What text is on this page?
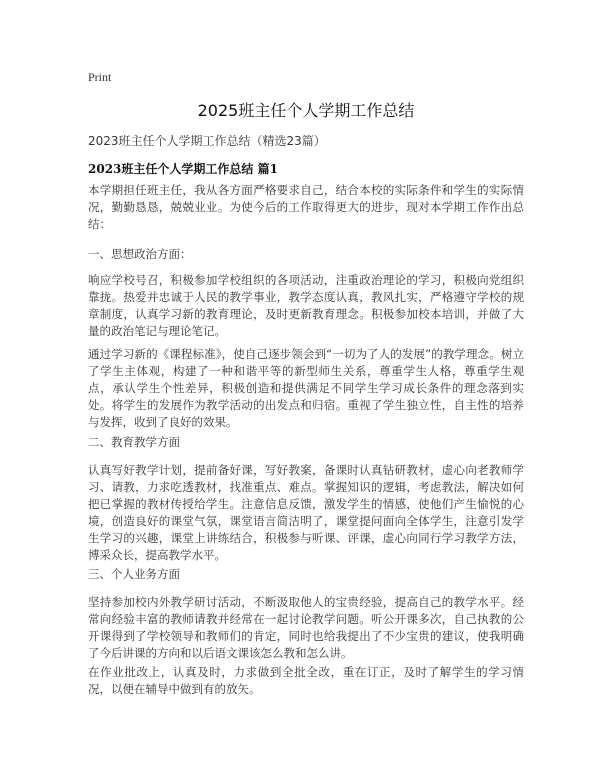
Print
2025班主任个人学期工作总结
2023班主任个人学期工作总结（精选23篇）
2023班主任个人学期工作总结 篇1

本学期担任班主任，我从各方面严格要求自己，结合本校的实际条件和学生的实际情况，勤勤恳恳，兢兢业业。为使今后的工作取得更大的进步，现对本学期工作作出总结：

一、思想政治方面：

响应学校号召，积极参加学校组织的各项活动，注重政治理论的学习，积极向党组织靠拢。热爱并忠诚于人民的教学事业，教学态度认真，教风扎实，严格遵守学校的规章制度，认真学习新的教育理论，及时更新教育理念。积极参加校本培训，并做了大量的政治笔记与理论笔记。

通过学习新的《课程标准》，使自己逐步领会到“一切为了人的发展”的教学理念。树立了学生主体观，构建了一种和谐平等的新型师生关系，尊重学生人格，尊重学生观点，承认学生个性差异，积极创造和提供满足不同学生学习成长条件的理念落到实处。将学生的发展作为教学活动的出发点和归宿。重视了学生独立性，自主性的培养与发挥，收到了良好的效果。

二、教育教学方面

认真写好教学计划，提前备好课，写好教案，备课时认真钻研教材，虚心向老教师学习、请教，力求吃透教材，找准重点、难点。掌握知识的逻辑，考虑教法，解决如何把已掌握的教材传授给学生。注意信息反馈，激发学生的情感，使他们产生愉悦的心境，创造良好的课堂气氛，课堂语言简洁明了，课堂提问面向全体学生，注意引发学生学习的兴趣，课堂上讲练结合，积极参与听课、评课，虚心向同行学习教学方法，博采众长，提高教学水平。

三、个人业务方面

坚持参加校内外教学研讨活动，不断汲取他人的宝贵经验，提高自己的教学水平。经常向经验丰富的教师请教并经常在一起讨论教学问题。听公开课多次，自己执教的公开课得到了学校领导和教师们的肯定，同时也给我提出了不少宝贵的建议，使我明确了今后讲课的方向和以后语文课该怎么教和怎么讲。

在作业批改上，认真及时，力求做到全批全改，重在订正，及时了解学生的学习情况，以便在辅导中做到有的放矢。
